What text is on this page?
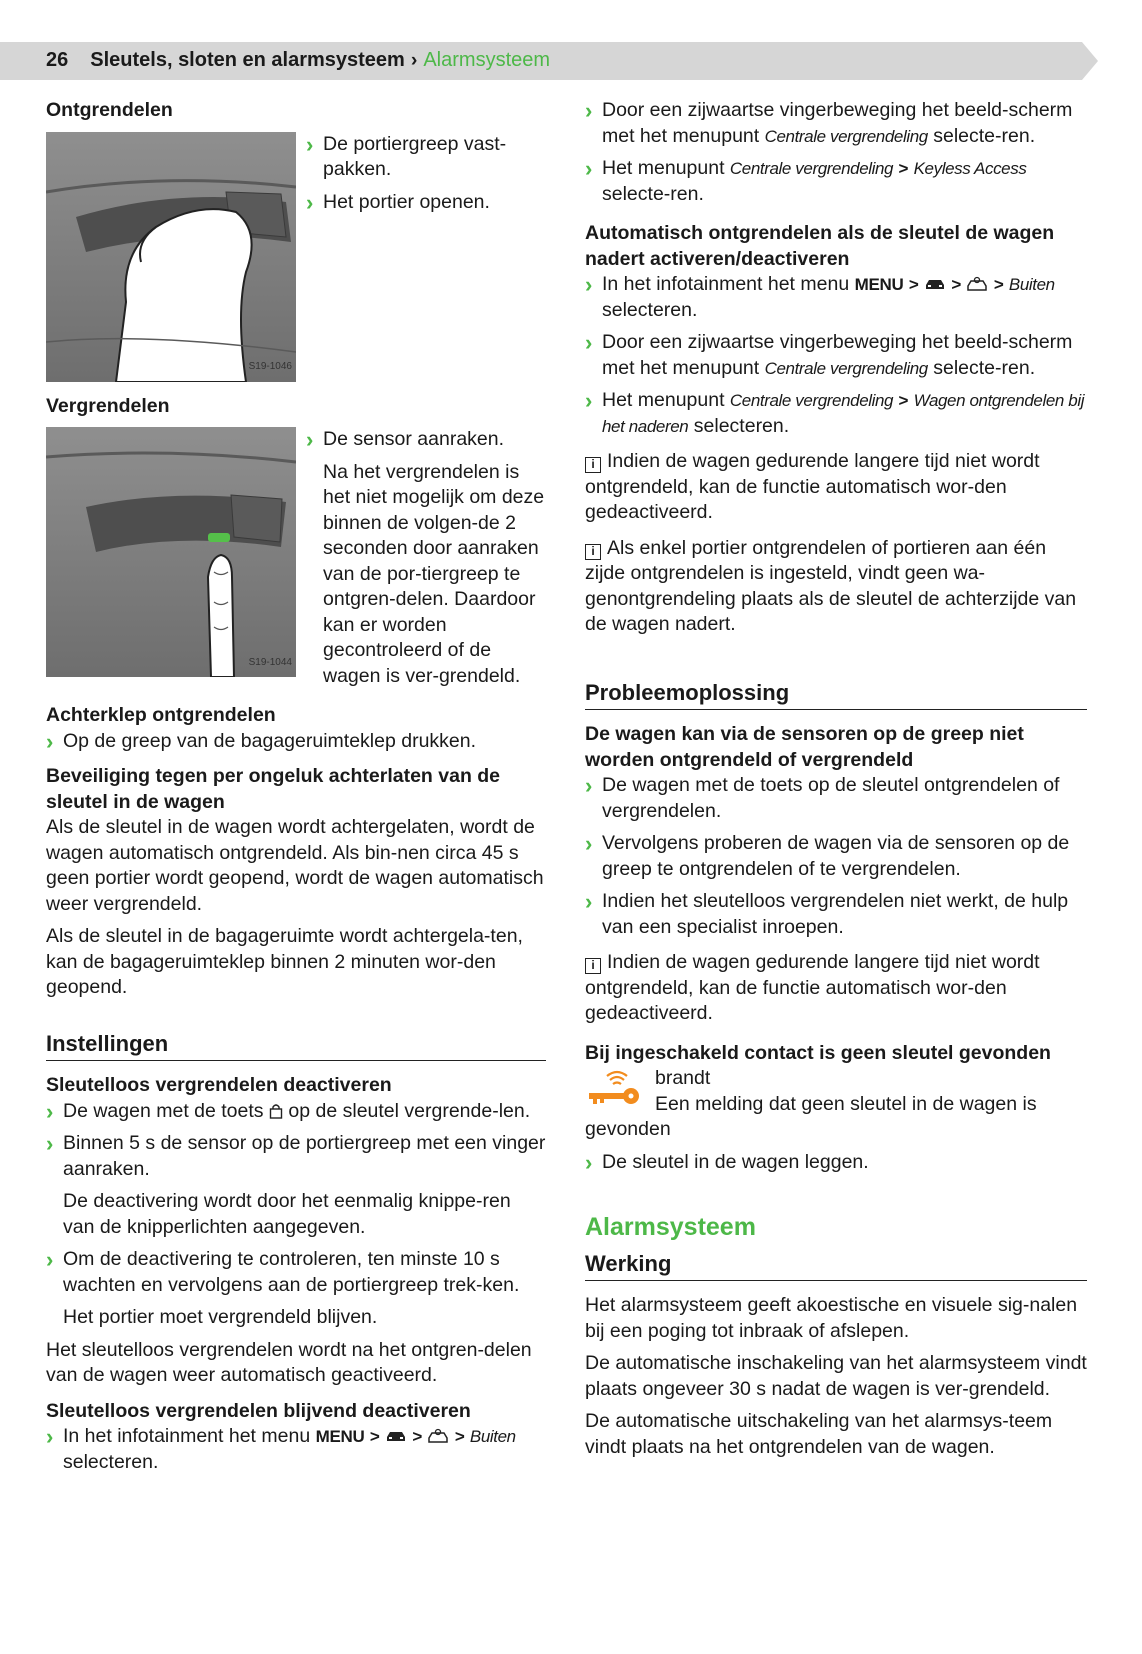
26 Sleutels, sloten en alarmsysteem › Alarmsysteem
Ontgrendelen
S19-1046
› De portiergreep vast-pakken.
› Het portier openen.
Vergrendelen
S19-1044
› De sensor aanraken.
Na het vergrendelen is het niet mogelijk om deze binnen de volgen-de 2 seconden door aanraken van de por-tiergreep te ontgren-delen. Daardoor kan er worden gecontroleerd of de wagen is ver-grendeld.
Achterklep ontgrendelen
› Op de greep van de bagageruimteklep drukken.
Beveiliging tegen per ongeluk achterlaten van de sleutel in de wagen

Als de sleutel in de wagen wordt achtergelaten, wordt de wagen automatisch ontgrendeld. Als bin-nen circa 45 s geen portier wordt geopend, wordt de wagen automatisch weer vergrendeld.

Als de sleutel in de bagageruimte wordt achtergela-ten, kan de bagageruimteklep binnen 2 minuten wor-den geopend.

Instellingen
Sleutelloos vergrendelen deactiveren
› De wagen met de toets op de sleutel vergrende-len.
› Binnen 5 s de sensor op de portiergreep met een vinger aanraken.
De deactivering wordt door het eenmalig knippe-ren van de knipperlichten aangegeven.
› Om de deactivering te controleren, ten minste 10 s wachten en vervolgens aan de portiergreep trek-ken.
Het portier moet vergrendeld blijven.

Het sleutelloos vergrendelen wordt na het ontgren-delen van de wagen weer automatisch geactiveerd.

Sleutelloos vergrendelen blijvend deactiveren
› In het infotainment het menu MENU > > > Buiten selecteren.
› Door een zijwaartse vingerbeweging het beeld-scherm met het menupunt Centrale vergrendeling selecte-ren.
› Het menupunt Centrale vergrendeling > Keyless Access selecte-ren.
Automatisch ontgrendelen als de sleutel de wagen nadert activeren/deactiveren
› In het infotainment het menu MENU > > > Buiten selecteren.
› Door een zijwaartse vingerbeweging het beeld-scherm met het menupunt Centrale vergrendeling selecte-ren.
› Het menupunt Centrale vergrendeling > Wagen ontgrendelen bij het naderen selecteren.

i Indien de wagen gedurende langere tijd niet wordt ontgrendeld, kan de functie automatisch wor-den gedeactiveerd.

i Als enkel portier ontgrendelen of portieren aan één zijde ontgrendelen is ingesteld, vindt geen wa-genontgrendeling plaats als de sleutel de achterzijde van de wagen nadert.

Probleemoplossing
De wagen kan via de sensoren op de greep niet worden ontgrendeld of vergrendeld
› De wagen met de toets op de sleutel ontgrendelen of vergrendelen.
› Vervolgens proberen de wagen via de sensoren op de greep te ontgrendelen of te vergrendelen.
› Indien het sleutelloos vergrendelen niet werkt, de hulp van een specialist inroepen.

i Indien de wagen gedurende langere tijd niet wordt ontgrendeld, kan de functie automatisch wor-den gedeactiveerd.

Bij ingeschakeld contact is geen sleutel gevonden

brandt

Een melding dat geen sleutel in de wagen is gevonden

› De sleutel in de wagen leggen.
Alarmsysteem
Werking

Het alarmsysteem geeft akoestische en visuele sig-nalen bij een poging tot inbraak of afslepen.

De automatische inschakeling van het alarmsysteem vindt plaats ongeveer 30 s nadat de wagen is ver-grendeld.

De automatische uitschakeling van het alarmsys-teem vindt plaats na het ontgrendelen van de wagen.
